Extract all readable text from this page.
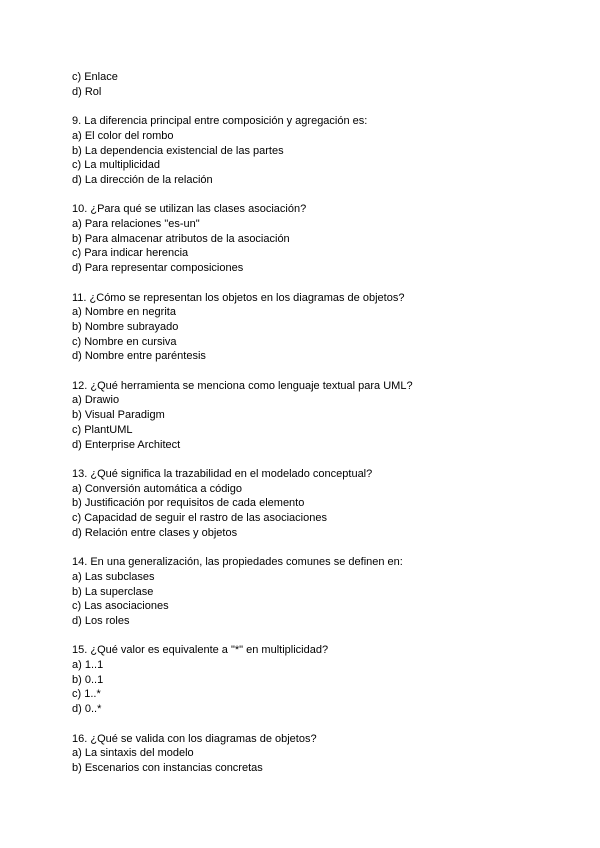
c) Enlace
d) Rol
9. La diferencia principal entre composición y agregación es:
a) El color del rombo
b) La dependencia existencial de las partes
c) La multiplicidad
d) La dirección de la relación
10. ¿Para qué se utilizan las clases asociación?
a) Para relaciones "es-un"
b) Para almacenar atributos de la asociación
c) Para indicar herencia
d) Para representar composiciones
11. ¿Cómo se representan los objetos en los diagramas de objetos?
a) Nombre en negrita
b) Nombre subrayado
c) Nombre en cursiva
d) Nombre entre paréntesis
12. ¿Qué herramienta se menciona como lenguaje textual para UML?
a) Drawio
b) Visual Paradigm
c) PlantUML
d) Enterprise Architect
13. ¿Qué significa la trazabilidad en el modelado conceptual?
a) Conversión automática a código
b) Justificación por requisitos de cada elemento
c) Capacidad de seguir el rastro de las asociaciones
d) Relación entre clases y objetos
14. En una generalización, las propiedades comunes se definen en:
a) Las subclases
b) La superclase
c) Las asociaciones
d) Los roles
15. ¿Qué valor es equivalente a "*" en multiplicidad?
a) 1..1
b) 0..1
c) 1..*
d) 0..*
16. ¿Qué se valida con los diagramas de objetos?
a) La sintaxis del modelo
b) Escenarios con instancias concretas
